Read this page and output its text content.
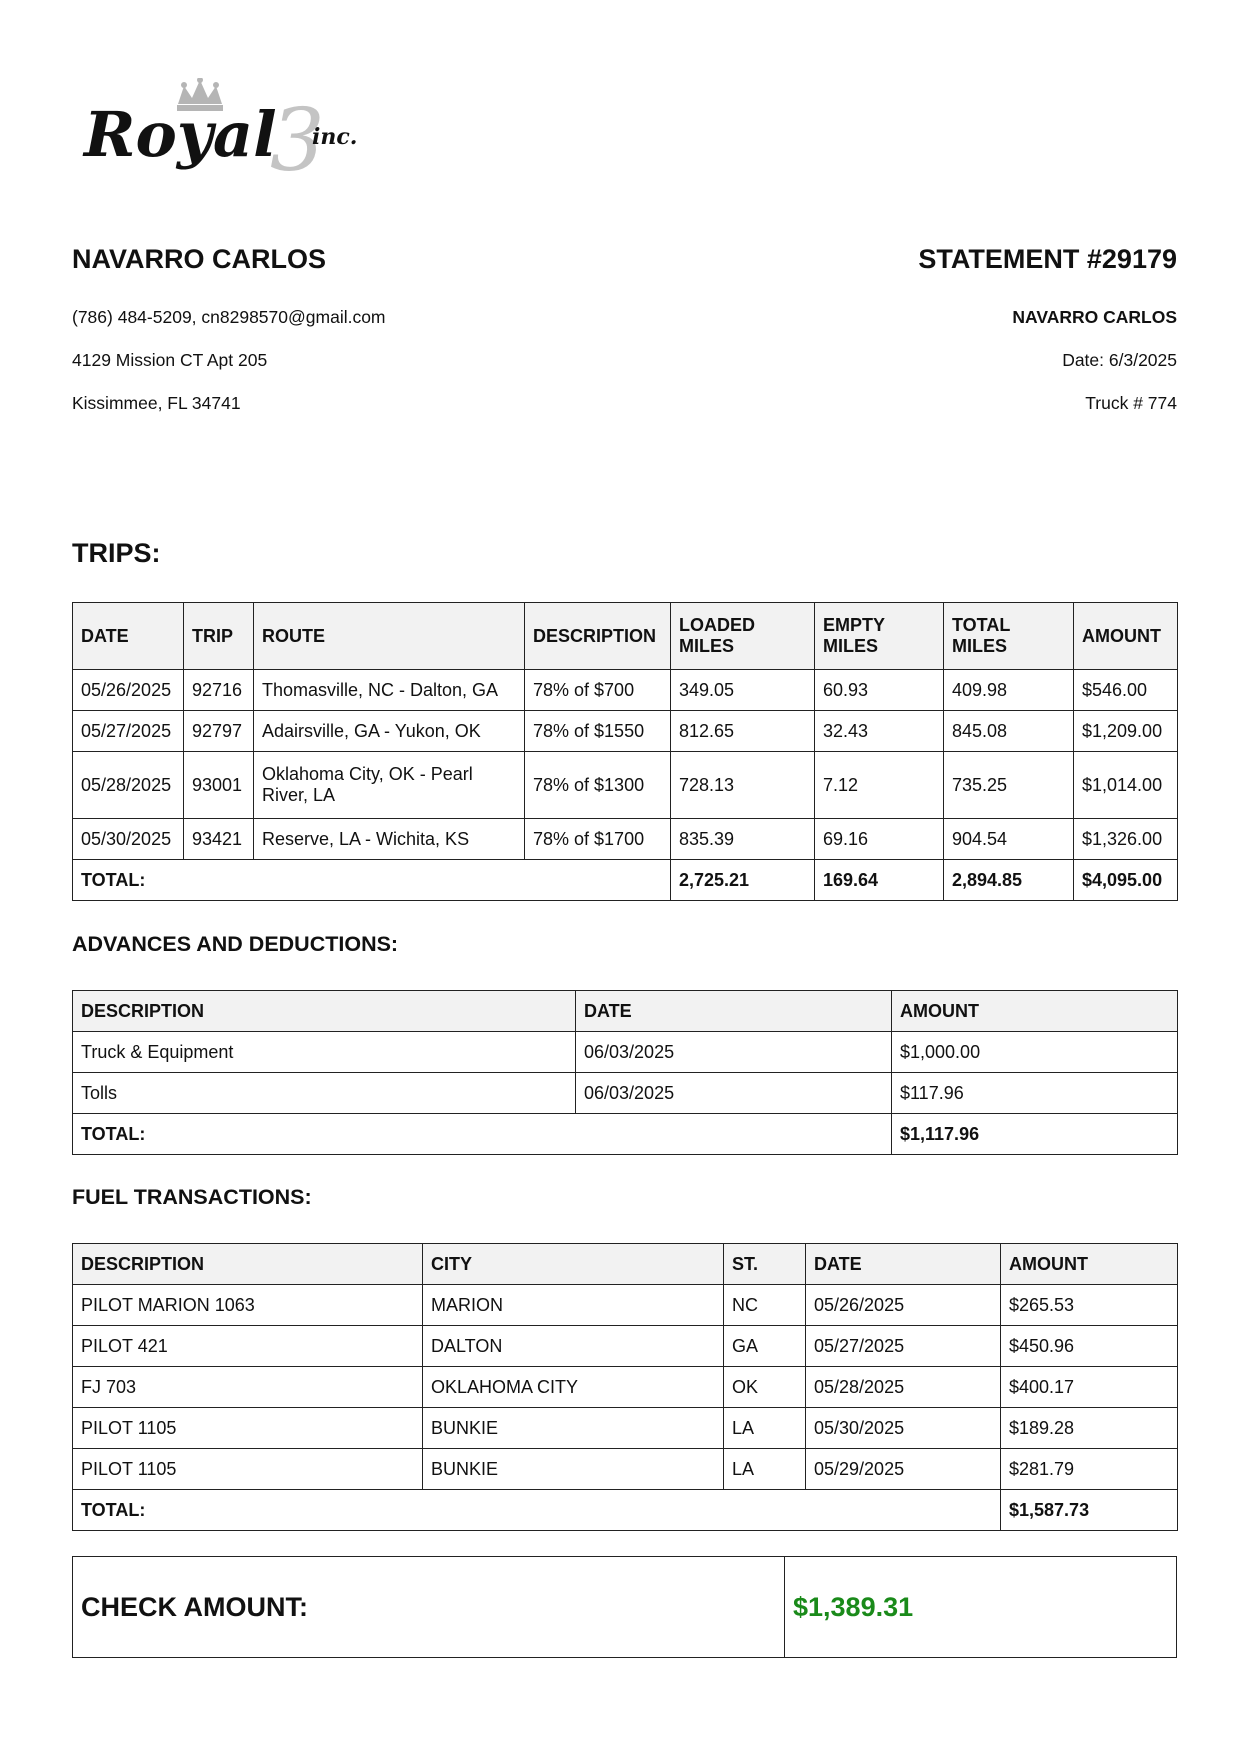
3
Royal inc.
NAVARRO CARLOS
(786) 484-5209, cn8298570@gmail.com
4129 Mission CT Apt 205
Kissimmee, FL 34741
STATEMENT #29179
NAVARRO CARLOS
Date: 6/3/2025
Truck # 774
TRIPS:
DATE	TRIP	ROUTE	DESCRIPTION	LOADED MILES	EMPTY MILES	TOTAL MILES	AMOUNT
05/26/2025	92716	Thomasville, NC - Dalton, GA	78% of $700	349.05	60.93	409.98	$546.00
05/27/2025	92797	Adairsville, GA - Yukon, OK	78% of $1550	812.65	32.43	845.08	$1,209.00
05/28/2025	93001	Oklahoma City, OK - Pearl River, LA	78% of $1300	728.13	7.12	735.25	$1,014.00
05/30/2025	93421	Reserve, LA - Wichita, KS	78% of $1700	835.39	69.16	904.54	$1,326.00
TOTAL:				2,725.21	169.64	2,894.85	$4,095.00
ADVANCES AND DEDUCTIONS:
DESCRIPTION	DATE	AMOUNT
Truck & Equipment	06/03/2025	$1,000.00
Tolls	06/03/2025	$117.96
TOTAL:		$1,117.96
FUEL TRANSACTIONS:
DESCRIPTION	CITY	ST.	DATE	AMOUNT
PILOT MARION 1063	MARION	NC	05/26/2025	$265.53
PILOT 421	DALTON	GA	05/27/2025	$450.96
FJ 703	OKLAHOMA CITY	OK	05/28/2025	$400.17
PILOT 1105	BUNKIE	LA	05/30/2025	$189.28
PILOT 1105	BUNKIE	LA	05/29/2025	$281.79
TOTAL:				$1,587.73
CHECK AMOUNT:	$1,389.31
